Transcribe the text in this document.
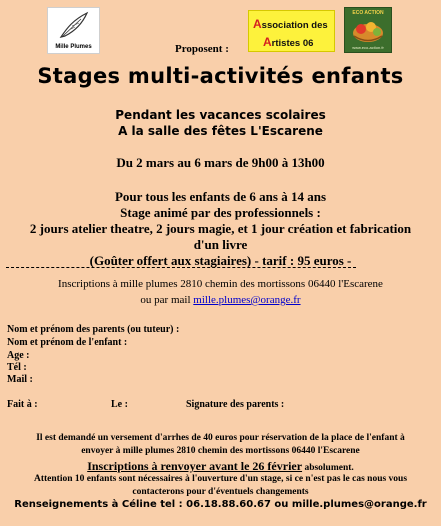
Mille Plumes	Proposent :
Association des
Artistes 06
ECO ACTION
www.eco-action.fr
Stages multi-activités enfants
Pendant les vacances scolaires
A la salle des fêtes L'Escarene
Du 2 mars au 6 mars de 9h00 à 13h00
Pour tous les enfants de 6 ans à 14 ans
Stage animé par des professionnels :
2 jours atelier theatre, 2 jours magie, et 1 jour création et fabrication
d'un livre
(Goûter offert aux stagiaires) - tarif : 95 euros -
Inscriptions à mille plumes 2810 chemin des mortissons 06440 l'Escarene
ou par mail mille.plumes@orange.fr
Nom et prénom des parents (ou tuteur) :
Nom et prénom de l'enfant :
Age :
Tél :
Mail :
Fait à :	Le :	Signature des parents :
Il est demandé un versement d'arrhes de 40 euros pour réservation de la place de l'enfant à
envoyer à mille plumes 2810 chemin des mortissons 06440 l'Escarene
Inscriptions à renvoyer avant le 26 février absolument.
Attention 10 enfants sont nécessaires à l'ouverture d'un stage, si ce n'est pas le cas nous vous
contacterons pour d'éventuels changements
Renseignements à Céline tel : 06.18.88.60.67 ou mille.plumes@orange.fr
